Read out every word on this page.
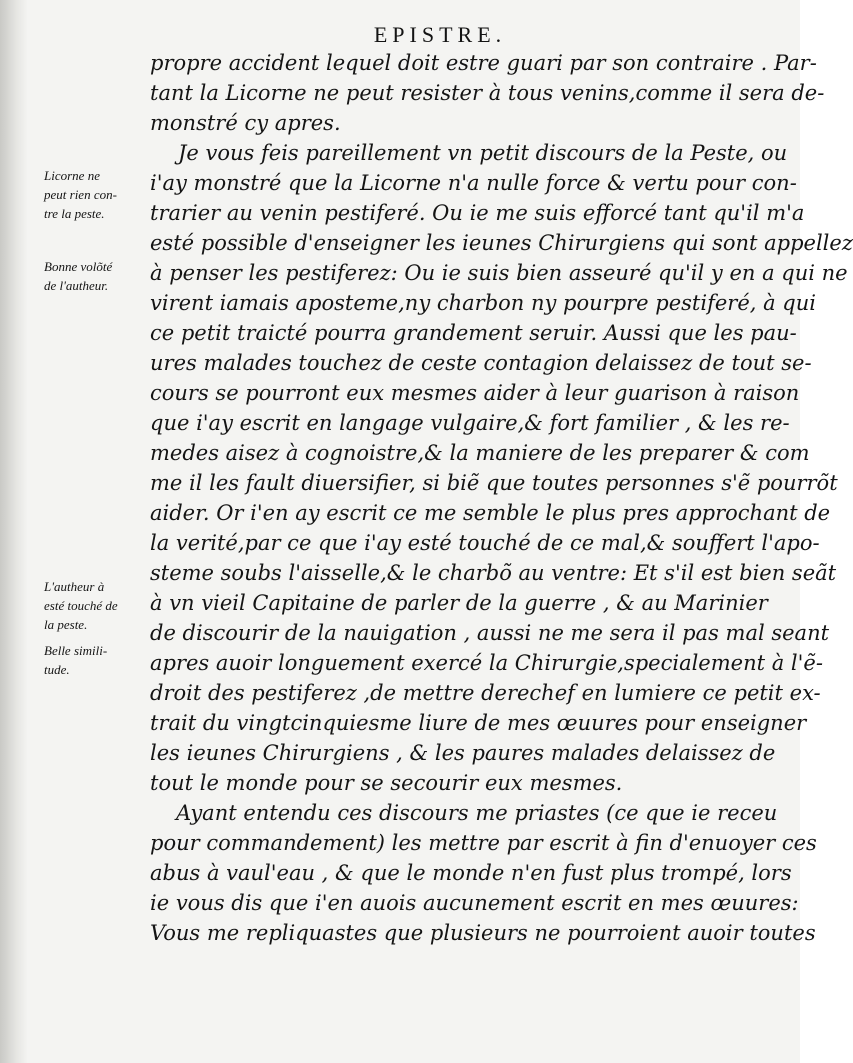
EPISTRE.
Licorne ne
peut rien con-
tre la peste.
Bonne volõté
de l'autheur.
L'autheur à
esté touché de
la peste.
Belle simili-
tude.
propre accident lequel doit estre guari par son contraire . Par-
tant la Licorne ne peut resister à tous venins,comme il sera de-
monstré cy apres.
Je vous feis pareillement vn petit discours de la Peste, ou
i'ay monstré que la Licorne n'a nulle force & vertu pour con-
trarier au venin pestiferé. Ou ie me suis efforcé tant qu'il m'a
esté possible d'enseigner les ieunes Chirurgiens qui sont appellez
à penser les pestiferez: Ou ie suis bien asseuré qu'il y en a qui ne
virent iamais aposteme,ny charbon ny pourpre pestiferé, à qui
ce petit traicté pourra grandement seruir. Aussi que les pau-
ures malades touchez de ceste contagion delaissez de tout se-
cours se pourront eux mesmes aider à leur guarison à raison
que i'ay escrit en langage vulgaire,& fort familier , & les re-
medes aisez à cognoistre,& la maniere de les preparer & com
me il les fault diuersifier, si biẽ que toutes personnes s'ẽ pourrõt
aider. Or i'en ay escrit ce me semble le plus pres approchant de
la verité,par ce que i'ay esté touché de ce mal,& souffert l'apo-
steme soubs l'aisselle,& le charbõ au ventre: Et s'il est bien seãt
à vn vieil Capitaine de parler de la guerre , & au Marinier
de discourir de la nauigation , aussi ne me sera il pas mal seant
apres auoir longuement exercé la Chirurgie,specialement à l'ẽ-
droit des pestiferez ,de mettre derechef en lumiere ce petit ex-
trait du vingtcinquiesme liure de mes œuures pour enseigner
les ieunes Chirurgiens , & les paures malades delaissez de
tout le monde pour se secourir eux mesmes.
Ayant entendu ces discours me priastes (ce que ie receu
pour commandement) les mettre par escrit à fin d'enuoyer ces
abus à vaul'eau , & que le monde n'en fust plus trompé, lors
ie vous dis que i'en auois aucunement escrit en mes œuures:
Vous me repliquastes que plusieurs ne pourroient auoir toutes
